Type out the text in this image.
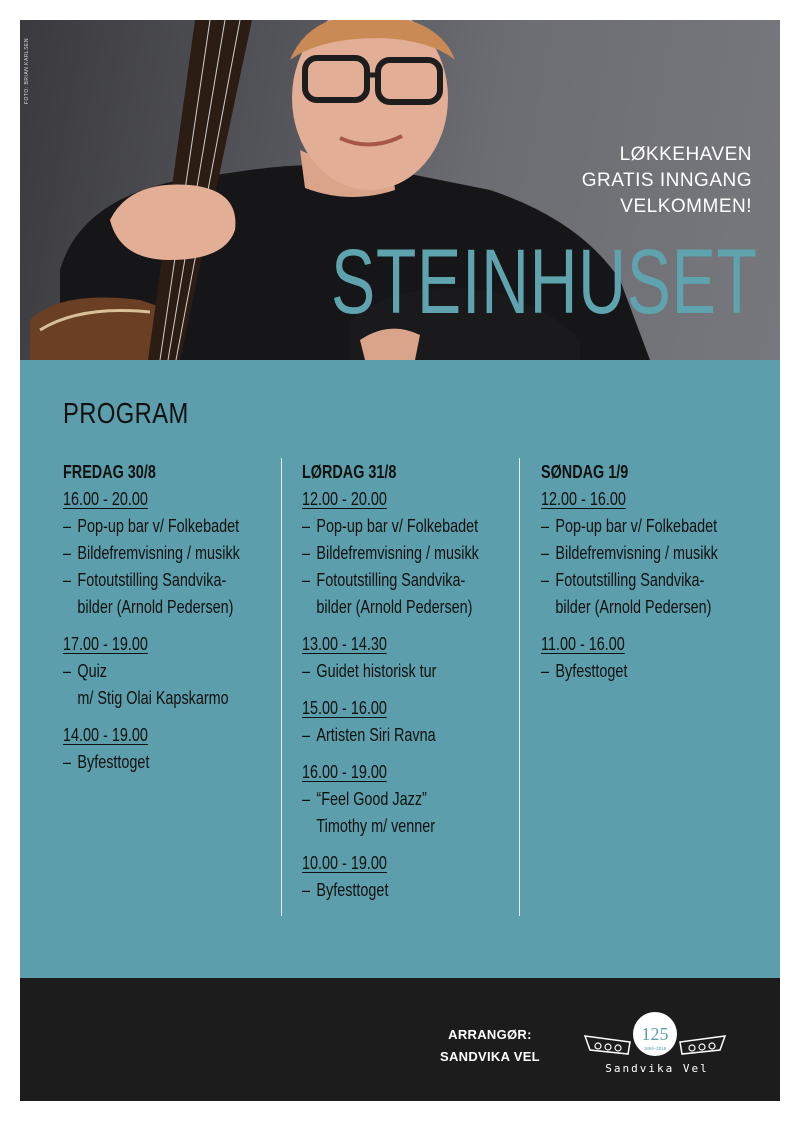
FOTO: BRIAN KARLSEN
LØKKEHAVEN
GRATIS INNGANG
VELKOMMEN!
STEINHUSET
PROGRAM
FREDAG 30/8
16.00 - 20.00
– Pop-up bar v/ Folkebadet
– Bildefremvisning / musikk
– Fotoutstilling Sandvika-
bilder (Arnold Pedersen)
17.00 - 19.00
– Quiz
m/ Stig Olai Kapskarmo
14.00 - 19.00
– Byfesttoget
LØRDAG 31/8
12.00 - 20.00
– Pop-up bar v/ Folkebadet
– Bildefremvisning / musikk
– Fotoutstilling Sandvika-
bilder (Arnold Pedersen)
13.00 - 14.30
– Guidet historisk tur
15.00 - 16.00
– Artisten Siri Ravna
16.00 - 19.00
– “Feel Good Jazz”
Timothy m/ venner
10.00 - 19.00
– Byfesttoget
SØNDAG 1/9
12.00 - 16.00
– Pop-up bar v/ Folkebadet
– Bildefremvisning / musikk
– Fotoutstilling Sandvika-
bilder (Arnold Pedersen)
11.00 - 16.00
– Byfesttoget
ARRANGØR:
SANDVIKA VEL
125
1894–2019
Sandvika Vel
